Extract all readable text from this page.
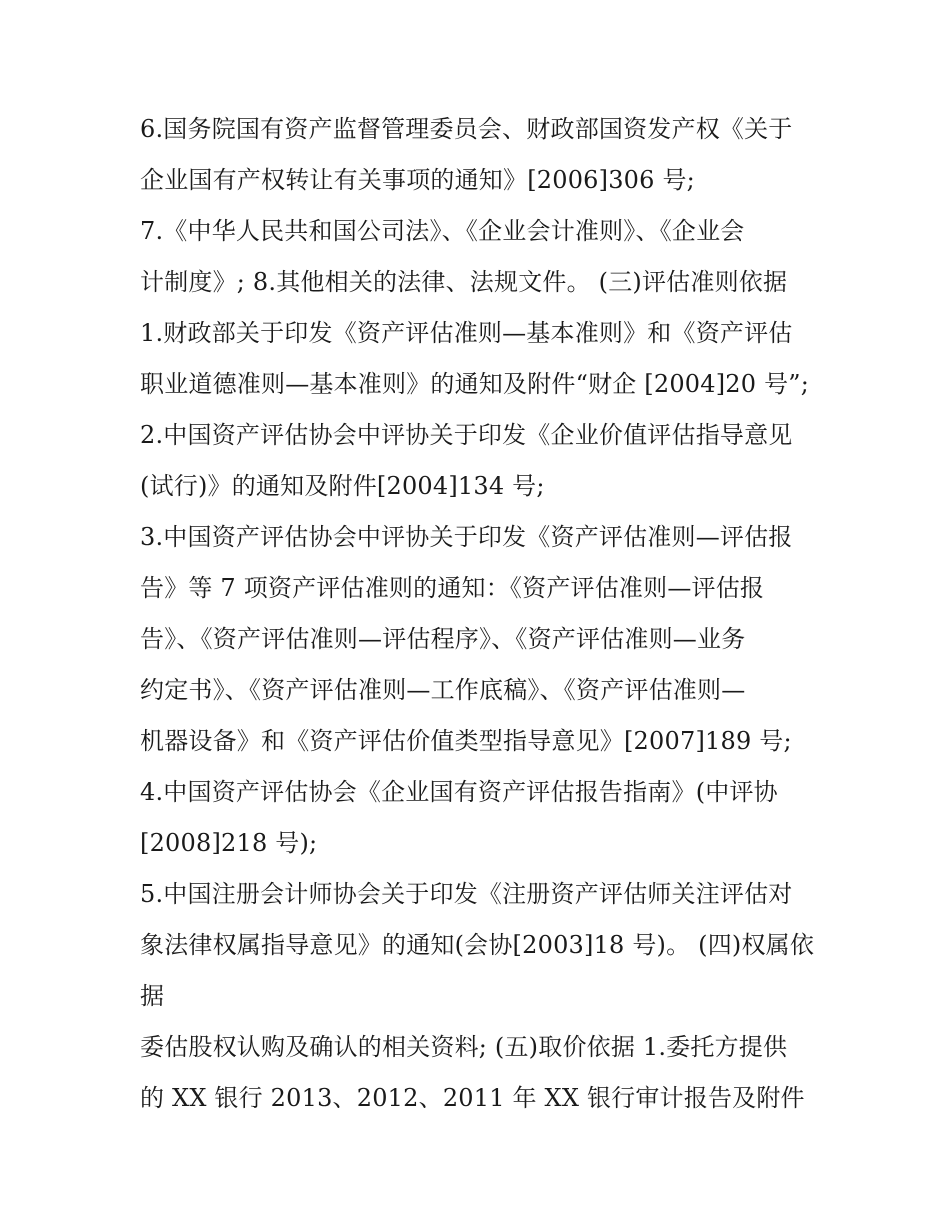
6.国务院国有资产监督管理委员会、财政部国资发产权《关于
企业国有产权转让有关事项的通知》[2006]306 号;
7.《中华人民共和国公司法》、《企业会计准则》、《企业会
计制度》; 8.其他相关的法律、法规文件。 (三)评估准则依据
1.财政部关于印发《资产评估准则—基本准则》和《资产评估
职业道德准则—基本准则》的通知及附件“财企 [2004]20 号”;
2.中国资产评估协会中评协关于印发《企业价值评估指导意见
(试行)》的通知及附件[2004]134 号;
3.中国资产评估协会中评协关于印发《资产评估准则—评估报
告》等 7 项资产评估准则的通知：《资产评估准则—评估报
告》、《资产评估准则—评估程序》、《资产评估准则—业务
约定书》、《资产评估准则—工作底稿》、《资产评估准则—
机器设备》和《资产评估价值类型指导意见》[2007]189 号;
4.中国资产评估协会《企业国有资产评估报告指南》(中评协
[2008]218 号);
5.中国注册会计师协会关于印发《注册资产评估师关注评估对
象法律权属指导意见》的通知(会协[2003]18 号)。 (四)权属依
据
委估股权认购及确认的相关资料; (五)取价依据 1.委托方提供
的 XX 银行 2013、2012、2011 年 XX 银行审计报告及附件
